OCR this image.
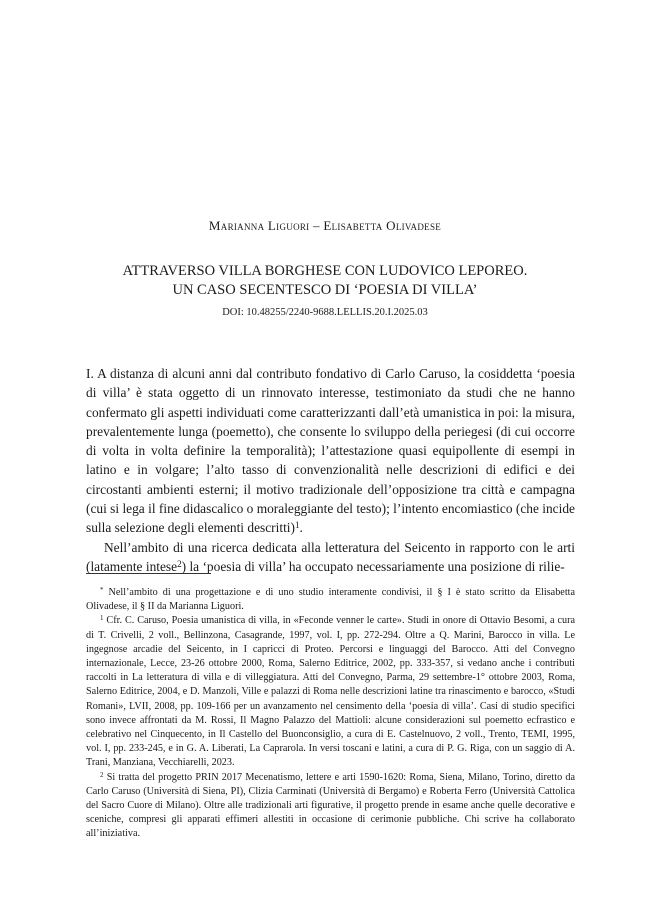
Marianna Liguori – Elisabetta Olivadese
ATTRAVERSO VILLA BORGHESE CON LUDOVICO LEPOREO.
UN CASO SECENTESCO DI ‘POESIA DI VILLA’
DOI: 10.48255/2240-9688.LELLIS.20.I.2025.03

I. A distanza di alcuni anni dal contributo fondativo di Carlo Caruso, la cosiddetta ‘poesia di villa’ è stata oggetto di un rinnovato interesse, testimoniato da studi che ne hanno confermato gli aspetti individuati come caratterizzanti dall’età umanistica in poi: la misura, prevalentemente lunga (poemetto), che consente lo sviluppo della periegesi (di cui occorre di volta in volta definire la temporalità); l’attestazione quasi equipollente di esempi in latino e in volgare; l’alto tasso di convenzionalità nelle descrizioni di edifici e dei circostanti ambienti esterni; il motivo tradizionale dell’opposizione tra città e campagna (cui si lega il fine didascalico o moraleggiante del testo); l’intento encomiastico (che incide sulla selezione degli elementi descritti)$^1$.

Nell’ambito di una ricerca dedicata alla letteratura del Seicento in rapporto con le arti (latamente intese$^2$) la ‘poesia di villa’ ha occupato necessariamente una posizione di rilie-

* Nell’ambito di una progettazione e di uno studio interamente condivisi, il § I è stato scritto da Elisabetta Olivadese, il § II da Marianna Liguori.

$^1$ Cfr. C. Caruso, Poesia umanistica di villa, in «Feconde venner le carte». Studi in onore di Ottavio Besomi, a cura di T. Crivelli, 2 voll., Bellinzona, Casagrande, 1997, vol. I, pp. 272-294. Oltre a Q. Marini, Barocco in villa. Le ingegnose arcadie del Seicento, in I capricci di Proteo. Percorsi e linguaggi del Barocco. Atti del Convegno internazionale, Lecce, 23-26 ottobre 2000, Roma, Salerno Editrice, 2002, pp. 333-357, si vedano anche i contributi raccolti in La letteratura di villa e di villeggiatura. Atti del Convegno, Parma, 29 settembre-1° ottobre 2003, Roma, Salerno Editrice, 2004, e D. Manzoli, Ville e palazzi di Roma nelle descrizioni latine tra rinascimento e barocco, «Studi Romani», LVII, 2008, pp. 109-166 per un avanzamento nel censimento della ‘poesia di villa’. Casi di studio specifici sono invece affrontati da M. Rossi, Il Magno Palazzo del Mattioli: alcune considerazioni sul poemetto ecfrastico e celebrativo nel Cinquecento, in Il Castello del Buonconsiglio, a cura di E. Castelnuovo, 2 voll., Trento, TEMI, 1995, vol. I, pp. 233-245, e in G. A. Liberati, La Caprarola. In versi toscani e latini, a cura di P. G. Riga, con un saggio di A. Trani, Manziana, Vecchiarelli, 2023.

$^2$ Si tratta del progetto PRIN 2017 Mecenatismo, lettere e arti 1590-1620: Roma, Siena, Milano, Torino, diretto da Carlo Caruso (Università di Siena, PI), Clizia Carminati (Università di Bergamo) e Roberta Ferro (Università Cattolica del Sacro Cuore di Milano). Oltre alle tradizionali arti figurative, il progetto prende in esame anche quelle decorative e sceniche, compresi gli apparati effimeri allestiti in occasione di cerimonie pubbliche. Chi scrive ha collaborato all’iniziativa.
